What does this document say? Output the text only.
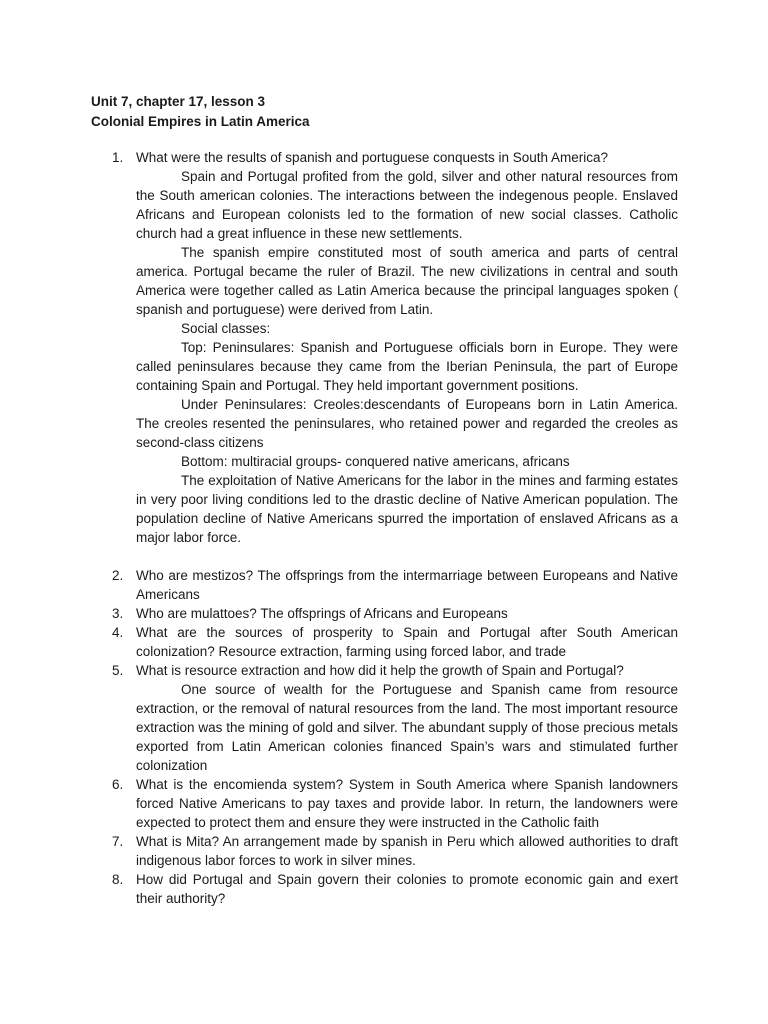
Unit 7, chapter 17, lesson 3
Colonial Empires in Latin America
1. What were the results of spanish and portuguese conquests in South America?

Spain and Portugal profited from the gold, silver and other natural resources from the South american colonies. The interactions between the indegenous people. Enslaved Africans and European colonists led to the formation of new social classes. Catholic church had a great influence in these new settlements.

The spanish empire constituted most of south america and parts of central america. Portugal became the ruler of Brazil. The new civilizations in central and south America were together called as Latin America because the principal languages spoken ( spanish and portuguese) were derived from Latin.

Social classes:

Top: Peninsulares: Spanish and Portuguese officials born in Europe. They were called peninsulares because they came from the Iberian Peninsula, the part of Europe containing Spain and Portugal. They held important government positions.

Under Peninsulares: Creoles:descendants of Europeans born in Latin America. The creoles resented the peninsulares, who retained power and regarded the creoles as second-class citizens

Bottom: multiracial groups- conquered native americans, africans

The exploitation of Native Americans for the labor in the mines and farming estates in very poor living conditions led to the drastic decline of Native American population. The population decline of Native Americans spurred the importation of enslaved Africans as a major labor force.

2. Who are mestizos? The offsprings from the intermarriage between Europeans and Native Americans
3. Who are mulattoes? The offsprings of Africans and Europeans
4. What are the sources of prosperity to Spain and Portugal after South American colonization? Resource extraction, farming using forced labor, and trade
5. What is resource extraction and how did it help the growth of Spain and Portugal?

One source of wealth for the Portuguese and Spanish came from resource extraction, or the removal of natural resources from the land. The most important resource extraction was the mining of gold and silver. The abundant supply of those precious metals exported from Latin American colonies financed Spain’s wars and stimulated further colonization

6. What is the encomienda system? System in South America where Spanish landowners forced Native Americans to pay taxes and provide labor. In return, the landowners were expected to protect them and ensure they were instructed in the Catholic faith
7. What is Mita? An arrangement made by spanish in Peru which allowed authorities to draft indigenous labor forces to work in silver mines.
8. How did Portugal and Spain govern their colonies to promote economic gain and exert their authority?
